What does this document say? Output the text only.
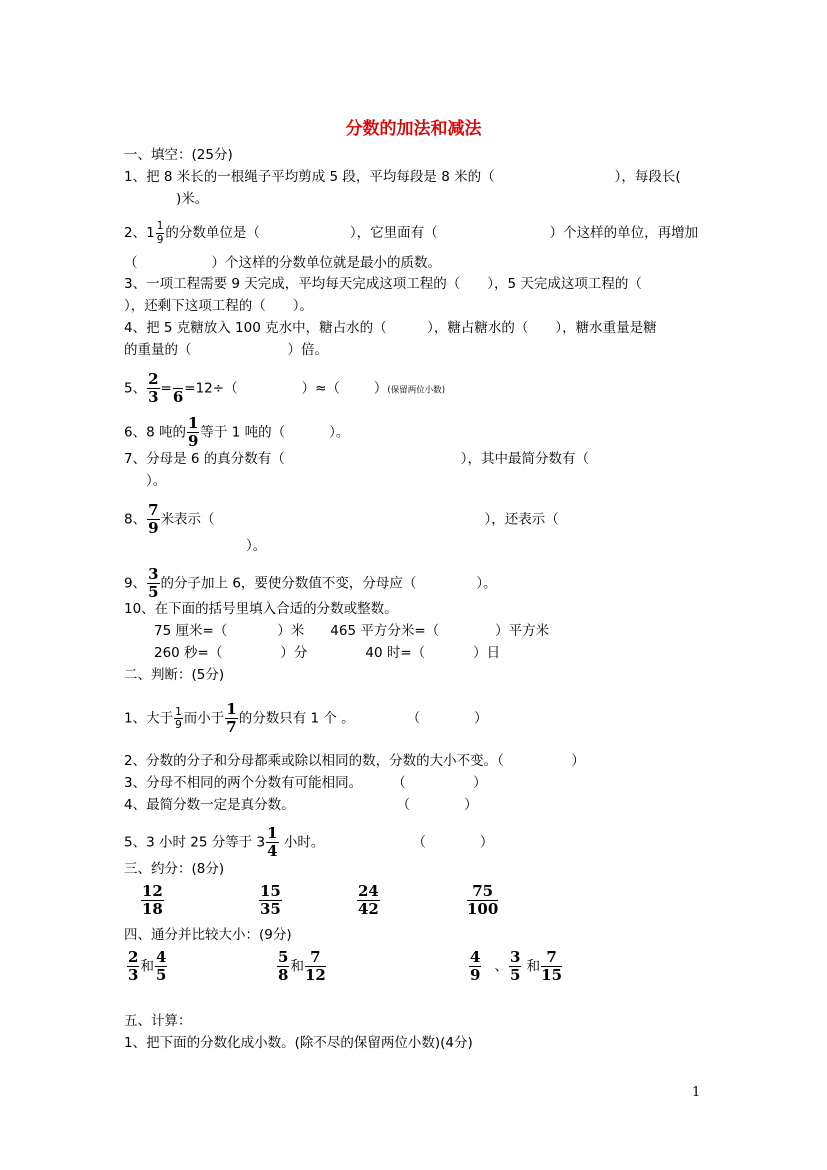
分数的加法和减法
一、填空：(25分)
1、把 8 米长的一根绳子平均剪成 5 段，平均每段是 8 米的（	），每段长(
)米。
2、$1 \frac{1}{9}$ 的分数单位是（	），它里面有（	）个这样的单位，再增加
（	）个这样的分数单位就是最小的质数。
3、一项工程需要 9 天完成，平均每天完成这项工程的（　　），5 天完成这项工程的（
），还剩下这项工程的（　　）。
4、把 5 克糖放入 100 克水中，糖占水的（　　　），糖占糖水的（　　），糖水重量是糖
的重量的（	）倍。
5、 $\frac{2}{3} = 6 =12\div$（	）≈（	）(保留两位小数)
6、8 吨的 $\frac{1}{9}$ 等于 1 吨的（	）。
7、分母是 6 的真分数有（	），其中最简分数有（
）。
8、 $\frac{7}{9}$ 米表示（	），还表示（
）。
9、 $\frac{3}{5}$ 的分子加上 6，要使分数值不变，分母应（	）。
10、在下面的括号里填入合适的分数或整数。
75 厘米=（	）米 465 平方分米=（	）平方米
260 秒=（	）分	40 时=（	）日
二、判断：(5分)
1、大于 $\frac{1}{9}$ 而小于 $\frac{1}{7}$ 的分数只有 1 个 。	（　　　　）
2、分数的分子和分母都乘或除以相同的数，分数的大小不变。（　　　　　）
3、分母不相同的两个分数有可能相同。 （　　　　　）
4、最简分数一定是真分数。	（　　　　）
5、3 小时 25 分等于 $3 \frac{1}{4}$ 小时。	（　　　　）
三、约分：(8分)
$\frac{12}{18}$	$\frac{15}{35}$	$\frac{24}{42}$	$\frac{75}{100}$
四、通分并比较大小：(9分)
$\frac{2}{3}$ 和 $\frac{4}{5}$	$\frac{5}{8}$ 和 $\frac{7}{12}$	$\frac{4}{9}$ 、 $\frac{3}{5}$ 和 $\frac{7}{15}$
五、计算：
1、把下面的分数化成小数。(除不尽的保留两位小数)(4分)
1
